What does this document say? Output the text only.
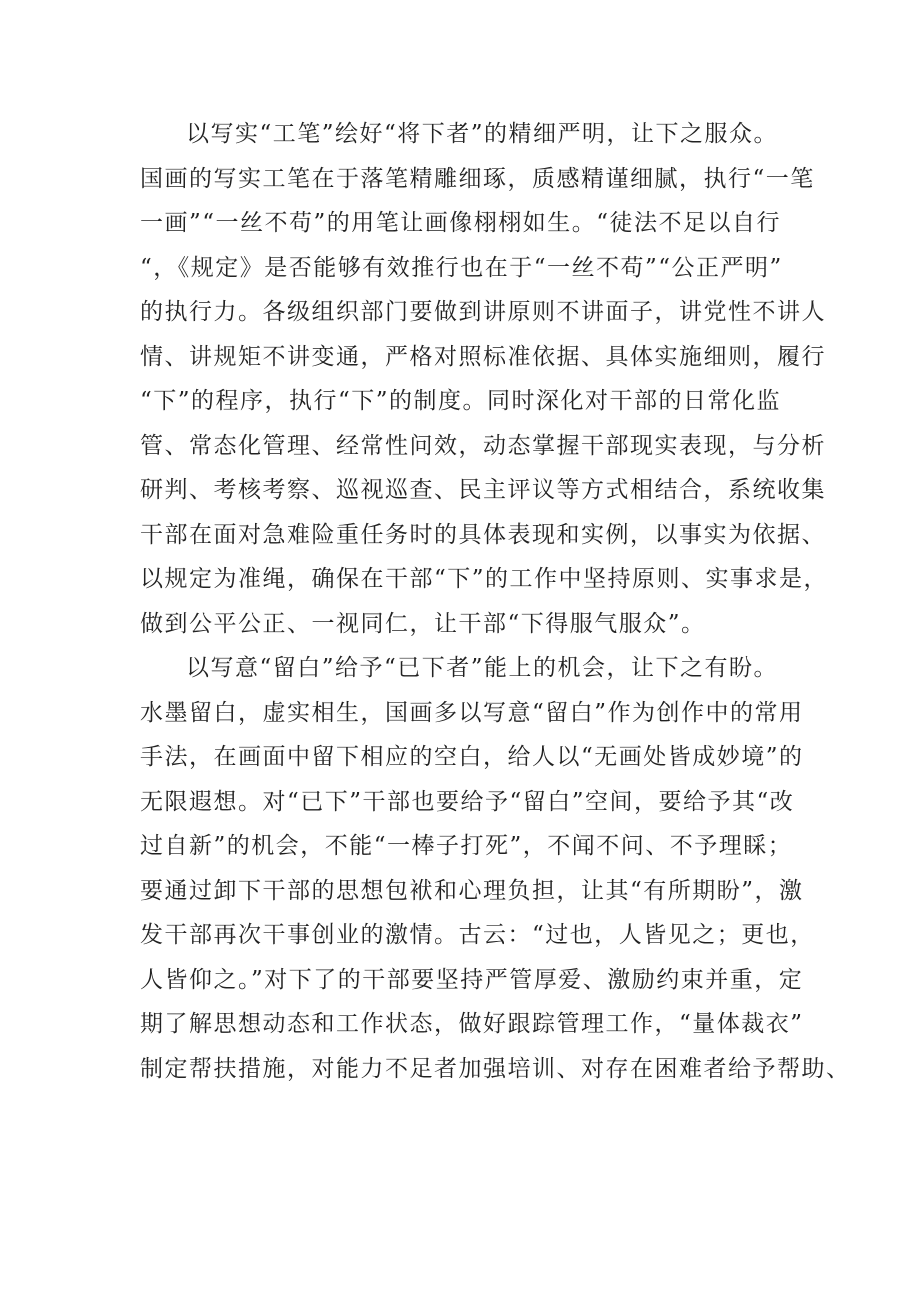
以写实“工笔”绘好“将下者”的精细严明，让下之服众。
国画的写实工笔在于落笔精雕细琢，质感精谨细腻，执行“一笔
一画”“一丝不苟”的用笔让画像栩栩如生。“徒法不足以自行
“，《规定》是否能够有效推行也在于“一丝不苟”“公正严明”
的执行力。各级组织部门要做到讲原则不讲面子，讲党性不讲人
情、讲规矩不讲变通，严格对照标准依据、具体实施细则，履行
“下”的程序，执行“下”的制度。同时深化对干部的日常化监
管、常态化管理、经常性问效，动态掌握干部现实表现，与分析
研判、考核考察、巡视巡查、民主评议等方式相结合，系统收集
干部在面对急难险重任务时的具体表现和实例，以事实为依据、
以规定为准绳，确保在干部“下”的工作中坚持原则、实事求是，
做到公平公正、一视同仁，让干部“下得服气服众”。
以写意“留白”给予“已下者”能上的机会，让下之有盼。
水墨留白，虚实相生，国画多以写意“留白”作为创作中的常用
手法，在画面中留下相应的空白，给人以“无画处皆成妙境”的
无限遐想。对“已下”干部也要给予“留白”空间，要给予其“改
过自新”的机会，不能“一棒子打死”，不闻不问、不予理睬；
要通过卸下干部的思想包袱和心理负担，让其“有所期盼”，激
发干部再次干事创业的激情。古云：“过也，人皆见之；更也，
人皆仰之。”对下了的干部要坚持严管厚爱、激励约束并重，定
期了解思想动态和工作状态，做好跟踪管理工作，“量体裁衣”
制定帮扶措施，对能力不足者加强培训、对存在困难者给予帮助、
